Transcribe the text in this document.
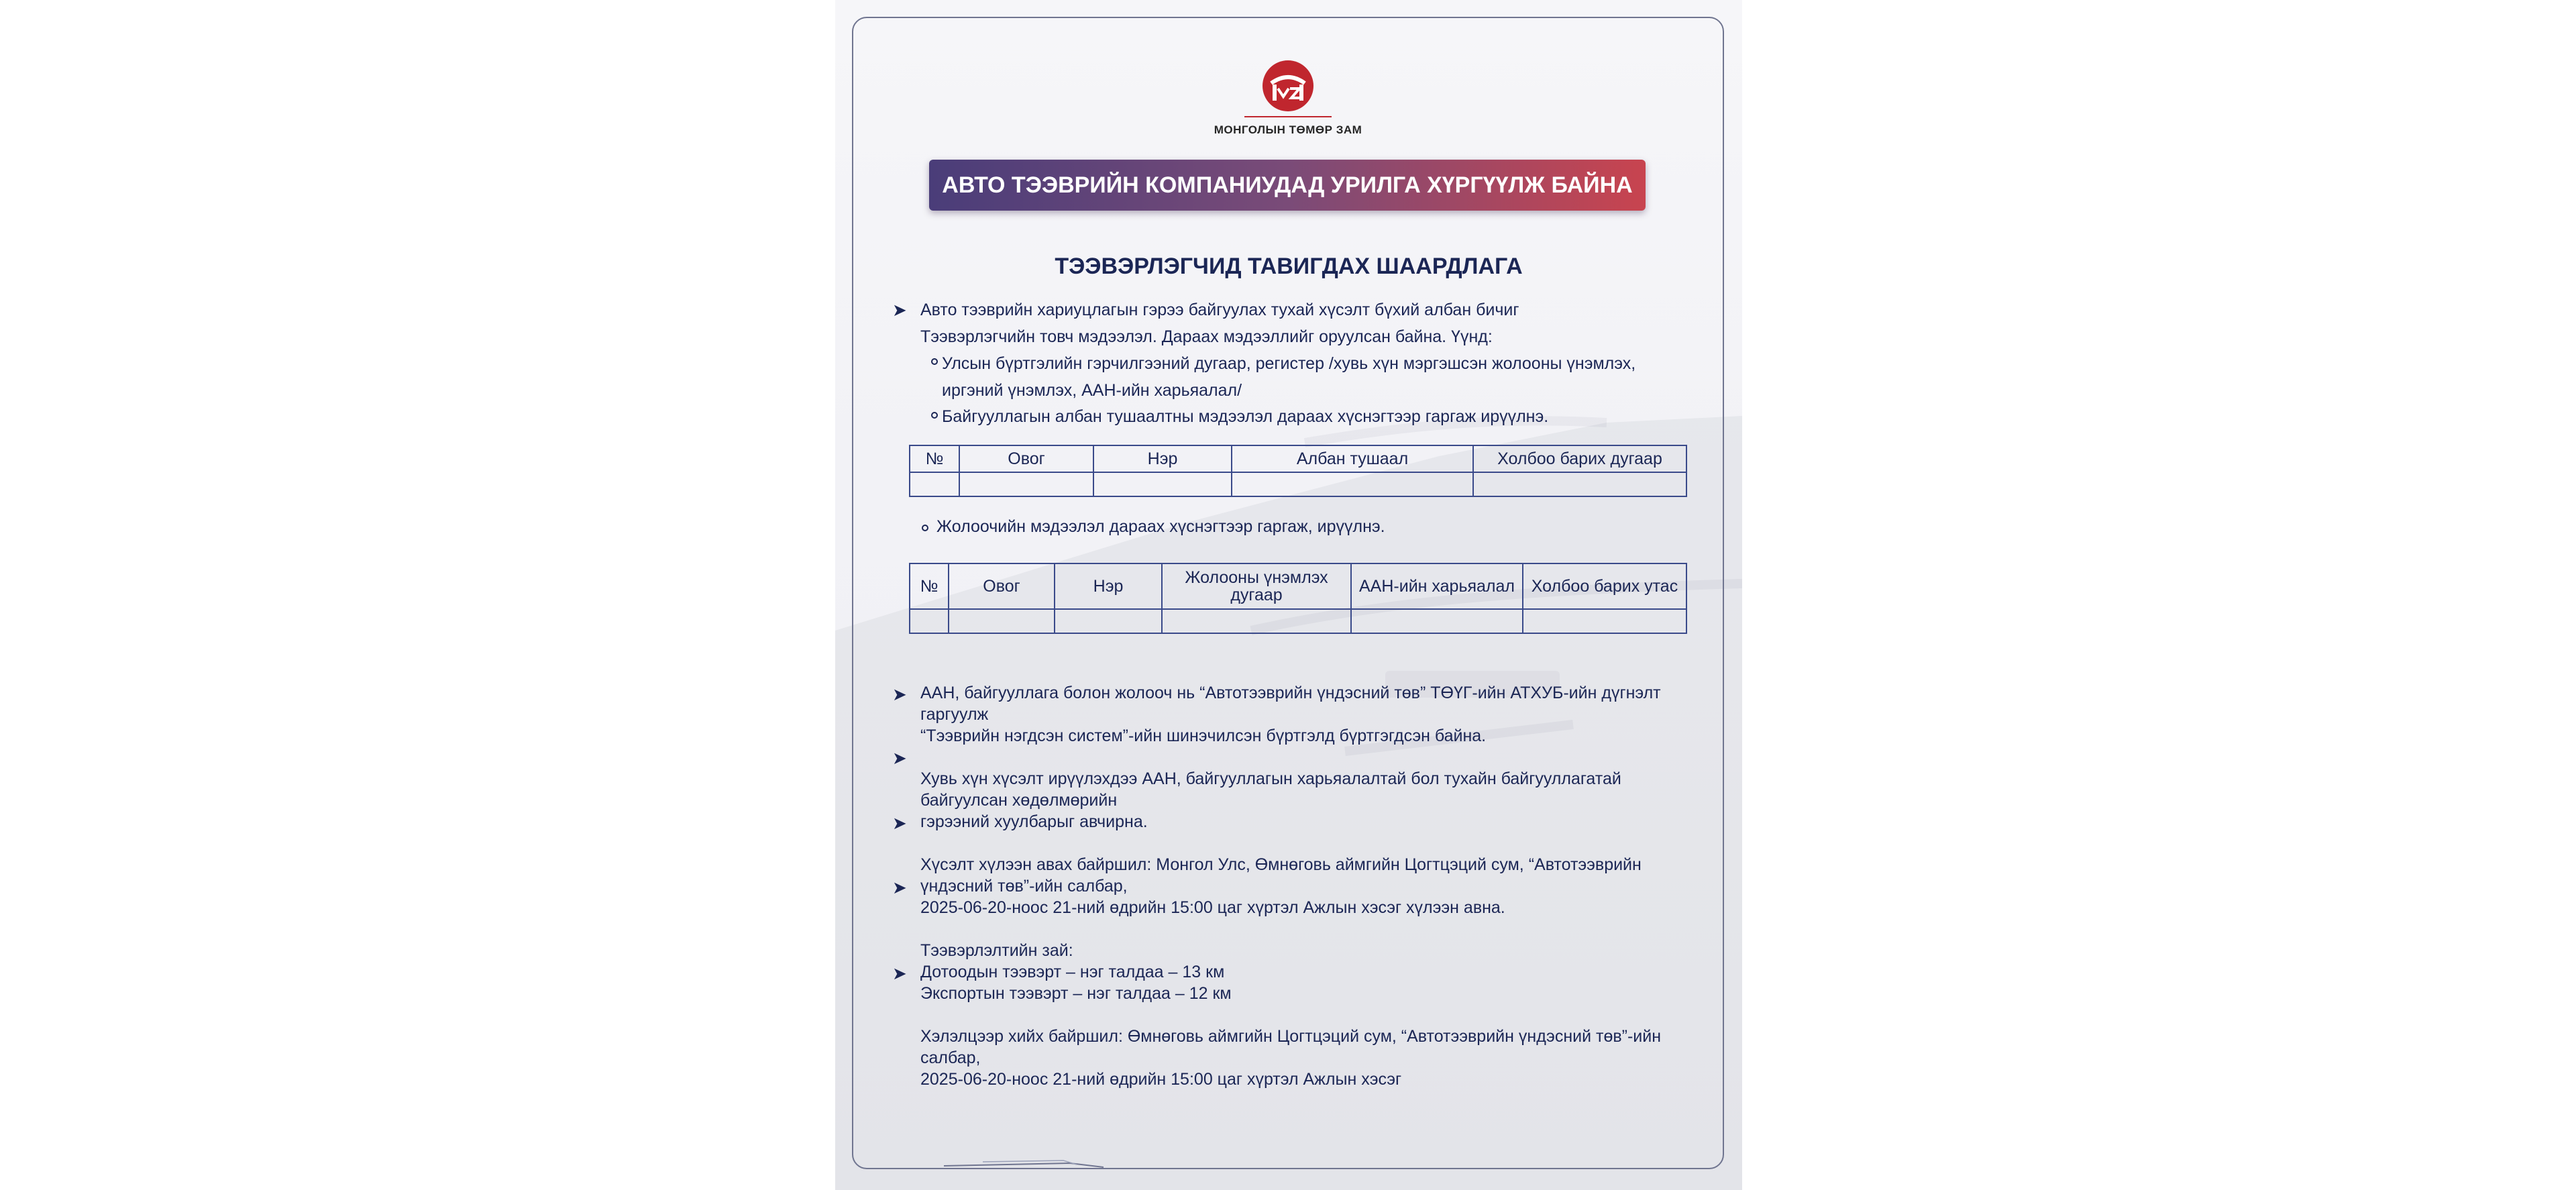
МОНГОЛЫН ТӨМӨР ЗАМ
АВТО ТЭЭВРИЙН КОМПАНИУДАД УРИЛГА ХҮРГҮҮЛЖ БАЙНА
ТЭЭВЭРЛЭГЧИД ТАВИГДАХ ШААРДЛАГА
➤ Авто тээврийн хариуцлагын гэрээ байгуулах тухай хүсэлт бүхий албан бичиг
Тээвэрлэгчийн товч мэдээлэл. Дараах мэдээллийг оруулсан байна. Үүнд:
Улсын бүртгэлийн гэрчилгээний дугаар, регистер /хувь хүн мэргэшсэн жолооны үнэмлэх,
иргэний үнэмлэх, ААН-ийн харьяалал/
Байгууллагын албан тушаалтны мэдээлэл дараах хүснэгтээр гаргаж ирүүлнэ.
№	Овог	Нэр	Албан тушаал	Холбоо барих дугаар

Жолоочийн мэдээлэл дараах хүснэгтээр гаргаж, ирүүлнэ.
№	Овог	Нэр	Жолооны үнэмлэх дугаар	ААН-ийн харьяалал	Холбоо барих утас

➤ ААН, байгууллага болон жолооч нь “Автотээврийн үндэсний төв” ТӨҮГ-ийн АТХУБ-ийн дүгнэлт
гаргуулж
“Тээврийн нэгдсэн систем”-ийн шинэчилсэн бүртгэлд бүртгэгдсэн байна.
➤
Хувь хүн хүсэлт ирүүлэхдээ ААН, байгууллагын харьяалалтай бол тухайн байгууллагатай
байгуулсан хөдөлмөрийн
➤ гэрээний хуулбарыг авчирна.
Хүсэлт хүлээн авах байршил: Монгол Улс, Өмнөговь аймгийн Цогтцэций сум, “Автотээврийн
➤ үндэсний төв”-ийн салбар,
2025-06-20-ноос 21-ний өдрийн 15:00 цаг хүртэл Ажлын хэсэг хүлээн авна.
Тээвэрлэлтийн зай:
➤ Дотоодын тээвэрт – нэг талдаа – 13 км
Экспортын тээвэрт – нэг талдаа – 12 км
Хэлэлцээр хийх байршил: Өмнөговь аймгийн Цогтцэций сум, “Автотээврийн үндэсний төв”-ийн
салбар,
2025-06-20-ноос 21-ний өдрийн 15:00 цаг хүртэл Ажлын хэсэг
